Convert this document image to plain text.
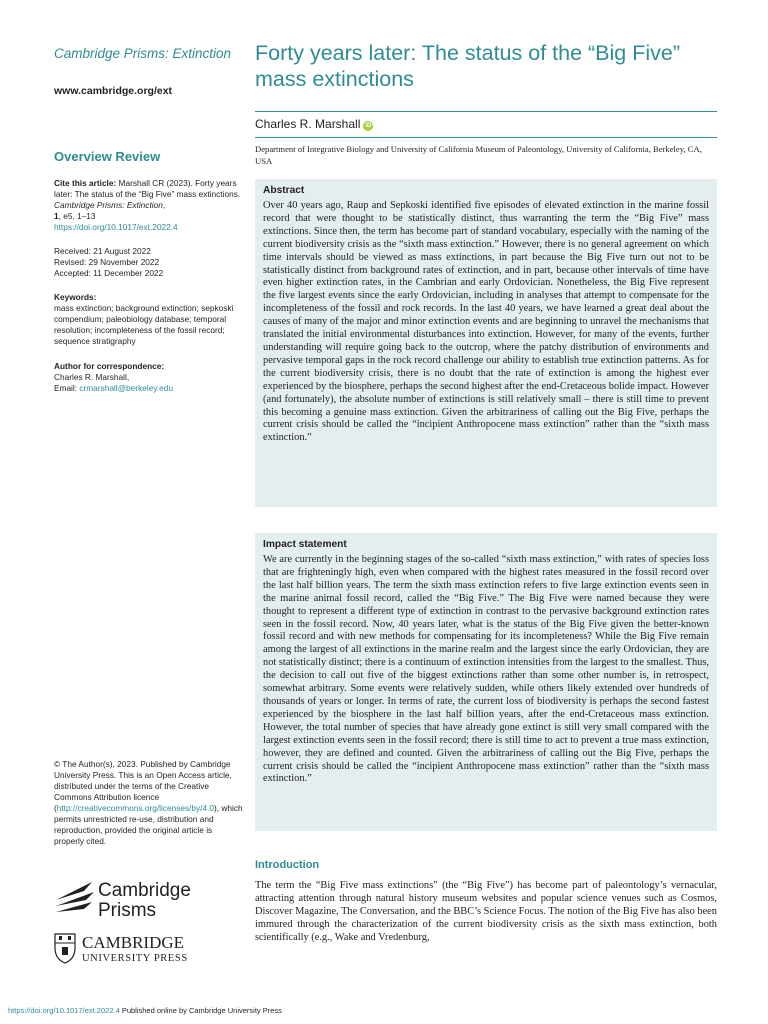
Cambridge Prisms: Extinction
www.cambridge.org/ext
Overview Review
Cite this article: Marshall CR (2023). Forty years later: The status of the “Big Five” mass extinctions. Cambridge Prisms: Extinction,
1, e5, 1–13
https://doi.org/10.1017/ext.2022.4
Received: 21 August 2022
Revised: 29 November 2022
Accepted: 11 December 2022
Keywords:
mass extinction; background extinction; sepkoski compendium; paleobiology database; temporal resolution; incompleteness of the fossil record; sequence stratigraphy
Author for correspondence:
Charles R. Marshall,
Email: crmarshall@berkeley.edu
© The Author(s), 2023. Published by Cambridge University Press. This is an Open Access article, distributed under the terms of the Creative Commons Attribution licence (http://creativecommons.org/licenses/by/4.0), which permits unrestricted re-use, distribution and reproduction, provided the original article is properly cited.
Cambridge
Prisms
CAMBRIDGE
UNIVERSITY PRESS
https://doi.org/10.1017/ext.2022.4 Published online by Cambridge University Press
Forty years later: The status of the “Big Five” mass extinctions
Charles R. Marshall iD
Department of Integrative Biology and University of California Museum of Paleontology, University of California, Berkeley, CA, USA
Abstract

Over 40 years ago, Raup and Sepkoski identified five episodes of elevated extinction in the marine fossil record that were thought to be statistically distinct, thus warranting the term the “Big Five” mass extinctions. Since then, the term has become part of standard vocabulary, especially with the naming of the current biodiversity crisis as the “sixth mass extinction.” However, there is no general agreement on which time intervals should be viewed as mass extinctions, in part because the Big Five turn out not to be statistically distinct from background rates of extinction, and in part, because other intervals of time have even higher extinction rates, in the Cambrian and early Ordovician. Nonetheless, the Big Five represent the five largest events since the early Ordovician, including in analyses that attempt to compensate for the incompleteness of the fossil and rock records. In the last 40 years, we have learned a great deal about the causes of many of the major and minor extinction events and are beginning to unravel the mechanisms that translated the initial environmental disturbances into extinction. However, for many of the events, further understanding will require going back to the outcrop, where the patchy distribution of environments and pervasive temporal gaps in the rock record challenge our ability to establish true extinction patterns. As for the current biodiversity crisis, there is no doubt that the rate of extinction is among the highest ever experienced by the biosphere, perhaps the second highest after the end-Cretaceous bolide impact. However (and fortunately), the absolute number of extinctions is still relatively small – there is still time to prevent this becoming a genuine mass extinction. Given the arbitrariness of calling out the Big Five, perhaps the current crisis should be called the “incipient Anthropocene mass extinction” rather than the “sixth mass extinction.”

Impact statement

We are currently in the beginning stages of the so-called “sixth mass extinction,” with rates of species loss that are frighteningly high, even when compared with the highest rates measured in the fossil record over the last half billion years. The term the sixth mass extinction refers to five large extinction events seen in the marine animal fossil record, called the “Big Five.” The Big Five were named because they were thought to represent a different type of extinction in contrast to the pervasive background extinction rates seen in the fossil record. Now, 40 years later, what is the status of the Big Five given the better-known fossil record and with new methods for compensating for its incompleteness? While the Big Five remain among the largest of all extinctions in the marine realm and the largest since the early Ordovician, they are not statistically distinct; there is a continuum of extinction intensities from the largest to the smallest. Thus, the decision to call out five of the biggest extinctions rather than some other number is, in retrospect, somewhat arbitrary. Some events were relatively sudden, while others likely extended over hundreds of thousands of years or longer. In terms of rate, the current loss of biodiversity is perhaps the second fastest experienced by the biosphere in the last half billion years, after the end-Cretaceous mass extinction. However, the total number of species that have already gone extinct is still very small compared with the largest extinction events seen in the fossil record; there is still time to act to prevent a true mass extinction, however, they are defined and counted. Given the arbitrariness of calling out the Big Five, perhaps the current crisis should be called the “incipient Anthropocene mass extinction” rather than the “sixth mass extinction.”

Introduction

The term the “Big Five mass extinctions” (the “Big Five”) has become part of paleontology’s vernacular, attracting attention through natural history museum websites and popular science venues such as Cosmos, Discover Magazine, The Conversation, and the BBC’s Science Focus. The notion of the Big Five has also been immured through the characterization of the current biodiversity crisis as the sixth mass extinction, both scientifically (e.g., Wake and Vredenburg,
